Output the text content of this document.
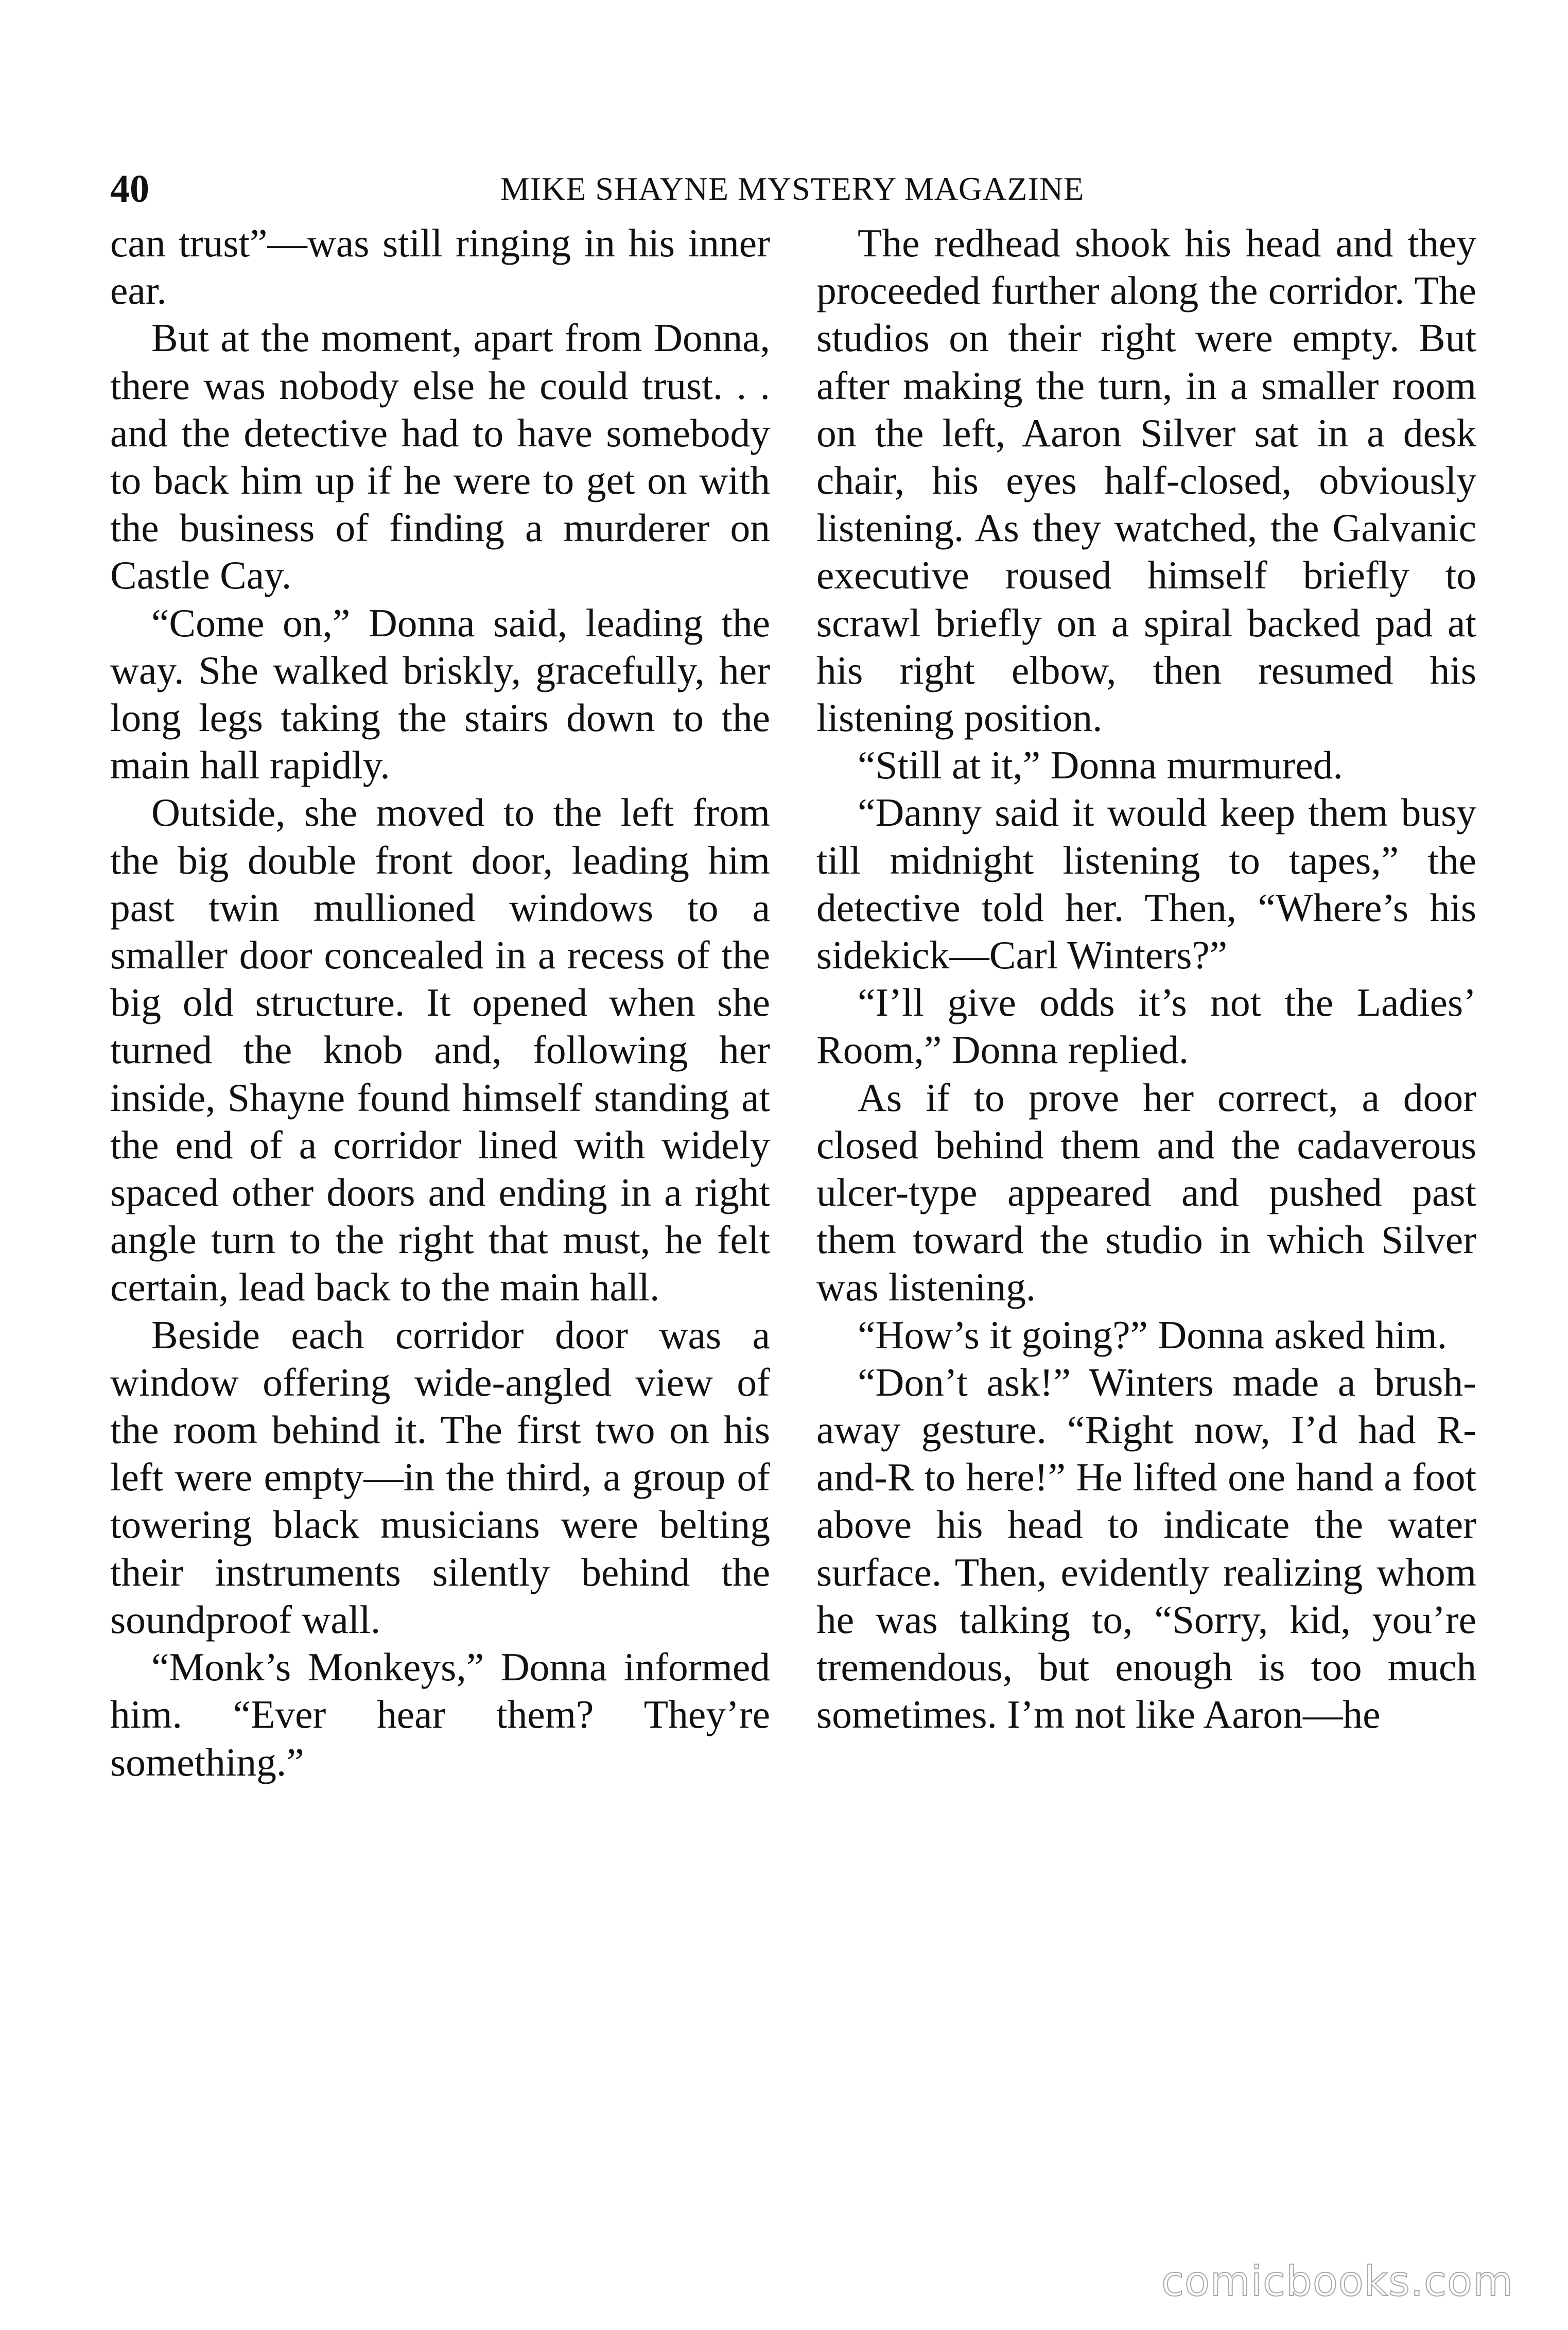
40	MIKE SHAYNE MYSTERY MAGAZINE

can trust”—was still ringing in his inner ear.

But at the moment, apart from Donna, there was nobody else he could trust. . . and the detective had to have somebody to back him up if he were to get on with the business of finding a murderer on Castle Cay.

“Come on,” Donna said, leading the way. She walked briskly, gracefully, her long legs taking the stairs down to the main hall rapidly.

Outside, she moved to the left from the big double front door, leading him past twin mullioned windows to a smaller door concealed in a recess of the big old structure. It opened when she turned the knob and, following her inside, Shayne found himself standing at the end of a corridor lined with widely spaced other doors and ending in a right angle turn to the right that must, he felt certain, lead back to the main hall.

Beside each corridor door was a window offering wide-angled view of the room behind it. The first two on his left were empty—in the third, a group of towering black musicians were belting their instruments silently behind the soundproof wall.

“Monk’s Monkeys,” Donna informed him. “Ever hear them? They’re something.”

The redhead shook his head and they proceeded further along the corridor. The studios on their right were empty. But after making the turn, in a smaller room on the left, Aaron Silver sat in a desk chair, his eyes half-closed, obviously listening. As they watched, the Galvanic executive roused himself briefly to scrawl briefly on a spiral backed pad at his right elbow, then resumed his listening position.

“Still at it,” Donna murmured.

“Danny said it would keep them busy till midnight listening to tapes,” the detective told her. Then, “Where’s his sidekick—Carl Winters?”

“I’ll give odds it’s not the Ladies’ Room,” Donna replied.

As if to prove her correct, a door closed behind them and the cadaverous ulcer-type appeared and pushed past them toward the studio in which Silver was listening.

“How’s it going?” Donna asked him.

“Don’t ask!” Winters made a brush-away gesture. “Right now, I’d had R-and-R to here!” He lifted one hand a foot above his head to indicate the water surface. Then, evidently realizing whom he was talking to, “Sorry, kid, you’re tremendous, but enough is too much sometimes. I’m not like Aaron—he

comicbooks.com
